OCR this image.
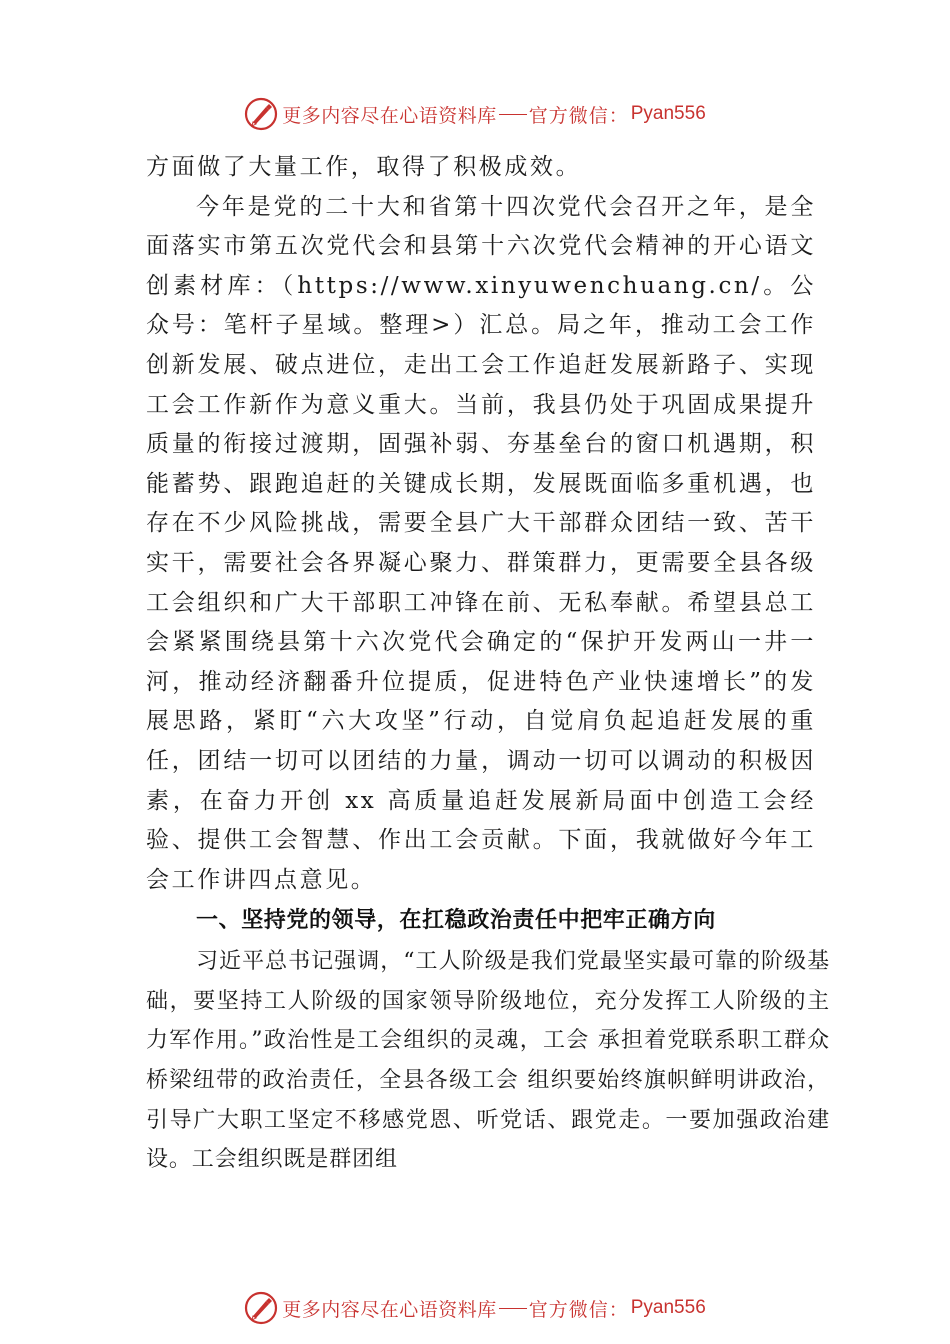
更多内容尽在心语资料库 官方微信： Pyan556

方面做了大量工作，取得了积极成效。

今年是党的二十大和省第十四次党代会召开之年，是全面落实市第五次党代会和县第十六次党代会精神的开心语文创素材库：（https://www.xinyuwenchuang.cn/。公众号：笔杆子星域。整理>）汇总。局之年，推动工会工作创新发展、破点进位，走出工会工作追赶发展新路子、实现工会工作新作为意义重大。当前，我县仍处于巩固成果提升质量的衔接过渡期，固强补弱、夯基垒台的窗口机遇期，积能蓄势、跟跑追赶的关键成长期，发展既面临多重机遇，也存在不少风险挑战，需要全县广大干部群众团结一致、苦干实干，需要社会各界凝心聚力、群策群力，更需要全县各级工会组织和广大干部职工冲锋在前、无私奉献。希望县总工会紧紧围绕县第十六次党代会确定的“保护开发两山一井一河，推动经济翻番升位提质，促进特色产业快速增长”的发展思路，紧盯“六大攻坚”行动，自觉肩负起追赶发展的重任，团结一切可以团结的力量，调动一切可以调动的积极因素，在奋力开创 xx 高质量追赶发展新局面中创造工会经验、提供工会智慧、作出工会贡献。下面，我就做好今年工会工作讲四点意见。

一、坚持党的领导，在扛稳政治责任中把牢正确方向

习近平总书记强调，“工人阶级是我们党最坚实最可靠的阶级基础，要坚持工人阶级的国家领导阶级地位，充分发挥工人阶级的主力军作用。”政治性是工会组织的灵魂，工会 承担着党联系职工群众桥梁纽带的政治责任，全县各级工会 组织要始终旗帜鲜明讲政治，引导广大职工坚定不移感党恩、听党话、跟党走。一要加强政治建设。工会组织既是群团组

更多内容尽在心语资料库 官方微信： Pyan556
